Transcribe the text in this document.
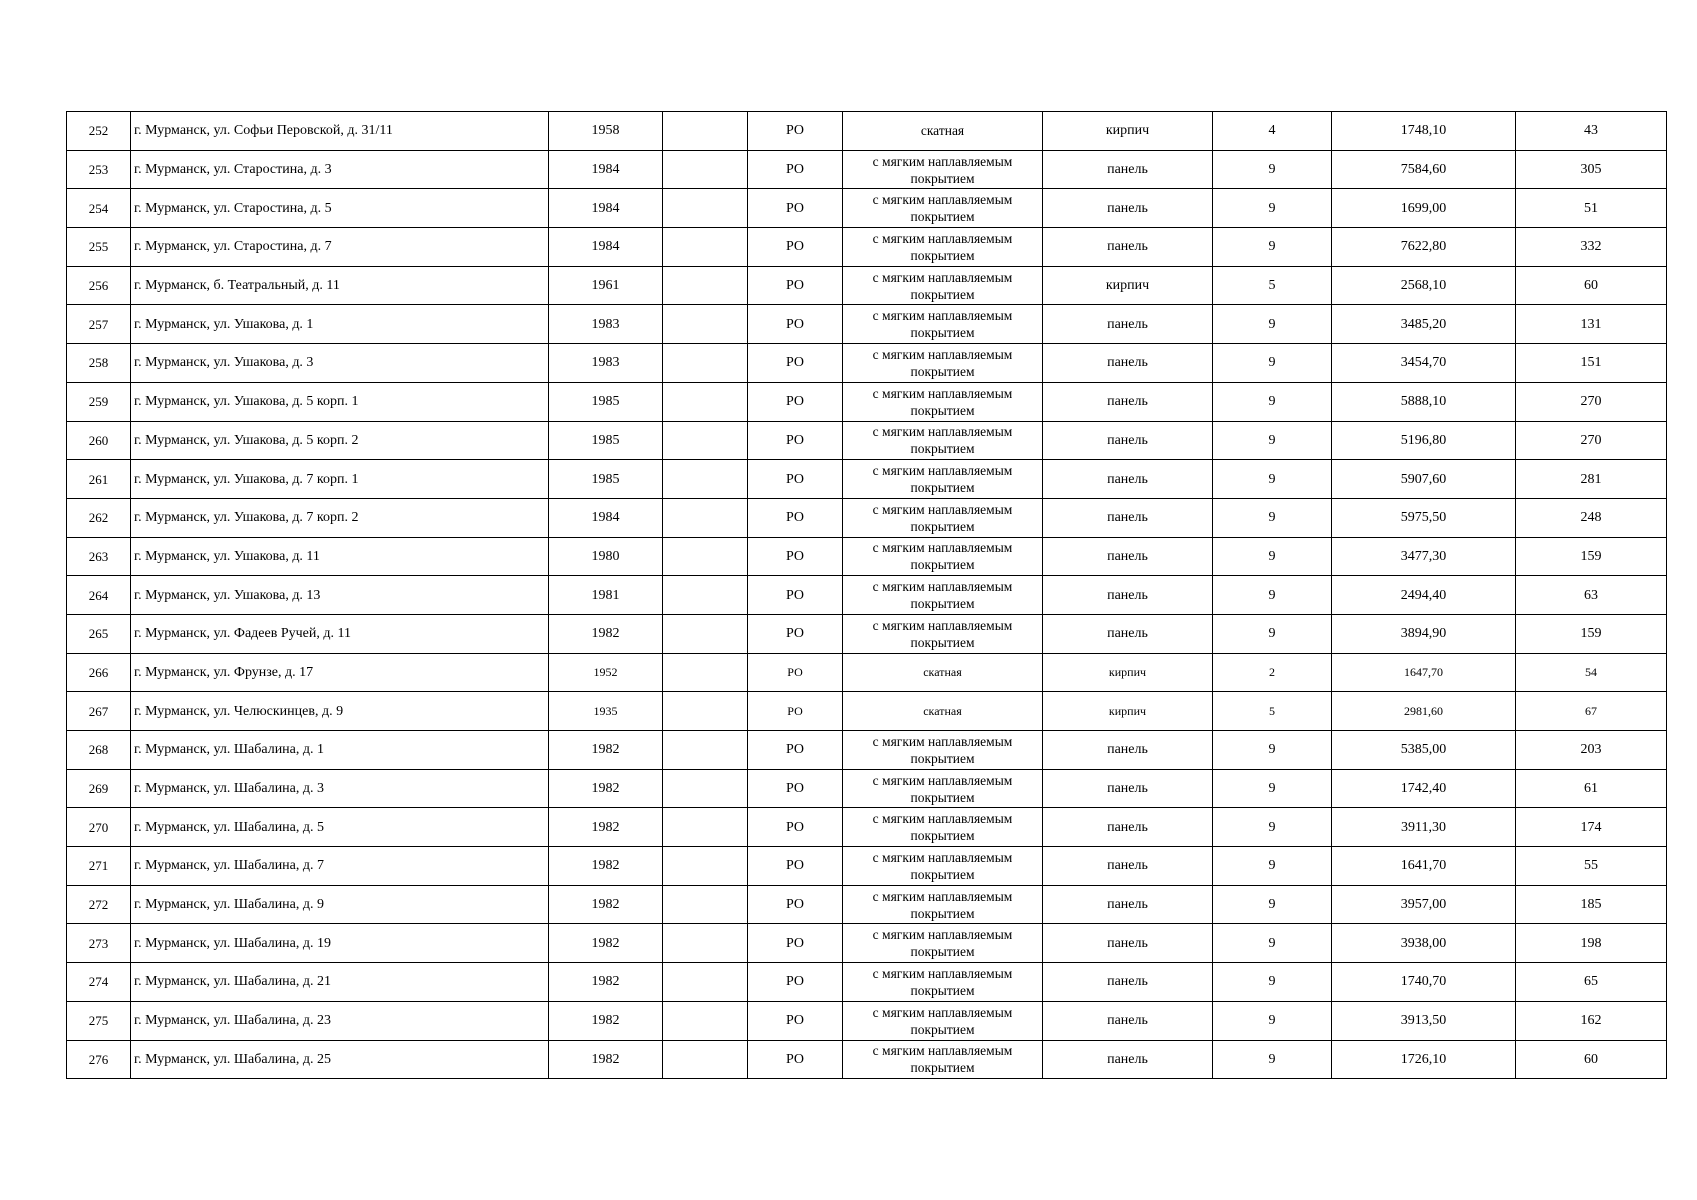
252	г. Мурманск, ул. Софьи Перовской, д. 31/11	1958		РО	скатная	кирпич	4	1748,10	43
253	г. Мурманск, ул. Старостина, д. 3	1984		РО	с мягким наплавляемым покрытием	панель	9	7584,60	305
254	г. Мурманск, ул. Старостина, д. 5	1984		РО	с мягким наплавляемым покрытием	панель	9	1699,00	51
255	г. Мурманск, ул. Старостина, д. 7	1984		РО	с мягким наплавляемым покрытием	панель	9	7622,80	332
256	г. Мурманск, б. Театральный, д. 11	1961		РО	с мягким наплавляемым покрытием	кирпич	5	2568,10	60
257	г. Мурманск, ул. Ушакова, д. 1	1983		РО	с мягким наплавляемым покрытием	панель	9	3485,20	131
258	г. Мурманск, ул. Ушакова, д. 3	1983		РО	с мягким наплавляемым покрытием	панель	9	3454,70	151
259	г. Мурманск, ул. Ушакова, д. 5 корп. 1	1985		РО	с мягким наплавляемым покрытием	панель	9	5888,10	270
260	г. Мурманск, ул. Ушакова, д. 5 корп. 2	1985		РО	с мягким наплавляемым покрытием	панель	9	5196,80	270
261	г. Мурманск, ул. Ушакова, д. 7 корп. 1	1985		РО	с мягким наплавляемым покрытием	панель	9	5907,60	281
262	г. Мурманск, ул. Ушакова, д. 7 корп. 2	1984		РО	с мягким наплавляемым покрытием	панель	9	5975,50	248
263	г. Мурманск, ул. Ушакова, д. 11	1980		РО	с мягким наплавляемым покрытием	панель	9	3477,30	159
264	г. Мурманск, ул. Ушакова, д. 13	1981		РО	с мягким наплавляемым покрытием	панель	9	2494,40	63
265	г. Мурманск, ул. Фадеев Ручей, д. 11	1982		РО	с мягким наплавляемым покрытием	панель	9	3894,90	159
266	г. Мурманск, ул. Фрунзе, д. 17	1952		РО	скатная	кирпич	2	1647,70	54
267	г. Мурманск, ул. Челюскинцев, д. 9	1935		РО	скатная	кирпич	5	2981,60	67
268	г. Мурманск, ул. Шабалина, д. 1	1982		РО	с мягким наплавляемым покрытием	панель	9	5385,00	203
269	г. Мурманск, ул. Шабалина, д. 3	1982		РО	с мягким наплавляемым покрытием	панель	9	1742,40	61
270	г. Мурманск, ул. Шабалина, д. 5	1982		РО	с мягким наплавляемым покрытием	панель	9	3911,30	174
271	г. Мурманск, ул. Шабалина, д. 7	1982		РО	с мягким наплавляемым покрытием	панель	9	1641,70	55
272	г. Мурманск, ул. Шабалина, д. 9	1982		РО	с мягким наплавляемым покрытием	панель	9	3957,00	185
273	г. Мурманск, ул. Шабалина, д. 19	1982		РО	с мягким наплавляемым покрытием	панель	9	3938,00	198
274	г. Мурманск, ул. Шабалина, д. 21	1982		РО	с мягким наплавляемым покрытием	панель	9	1740,70	65
275	г. Мурманск, ул. Шабалина, д. 23	1982		РО	с мягким наплавляемым покрытием	панель	9	3913,50	162
276	г. Мурманск, ул. Шабалина, д. 25	1982		РО	с мягким наплавляемым покрытием	панель	9	1726,10	60
